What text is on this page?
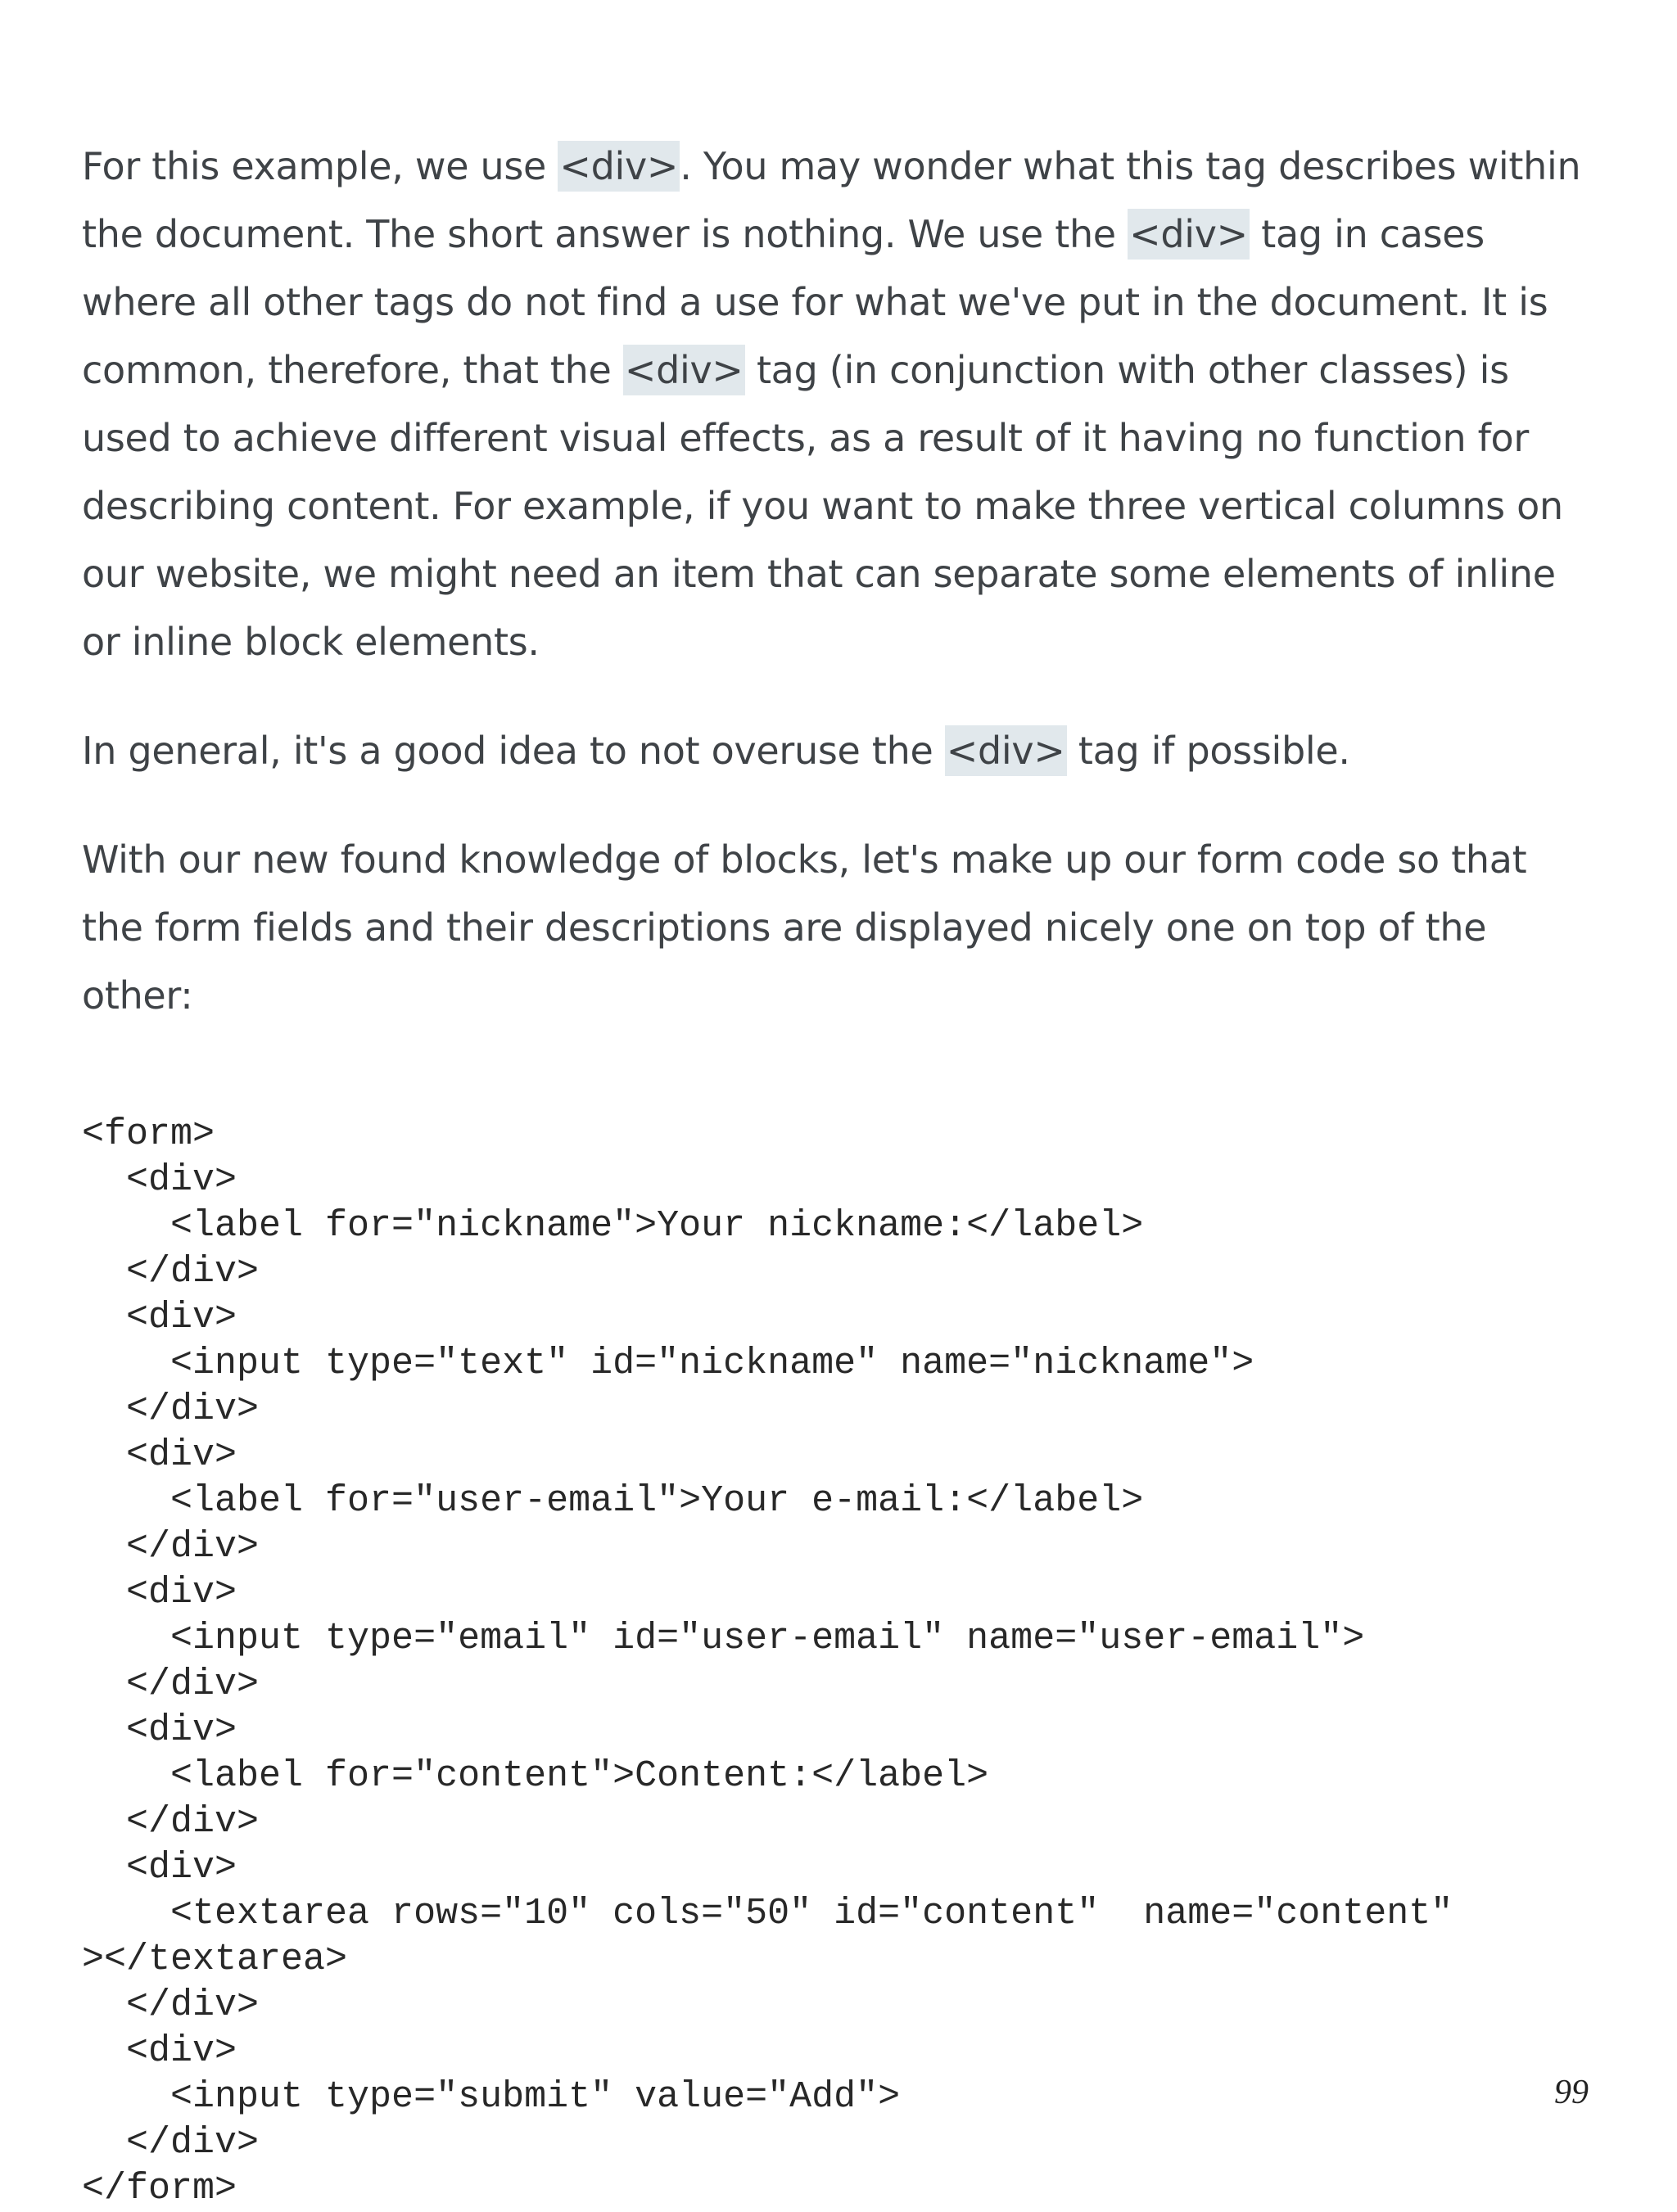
For this example, we use <div>. You may wonder what this tag describes within the document. The short answer is nothing. We use the <div> tag in cases where all other tags do not find a use for what we've put in the document. It is common, therefore, that the <div> tag (in conjunction with other classes) is used to achieve different visual effects, as a result of it having no function for describing content. For example, if you want to make three vertical columns on our website, we might need an item that can separate some elements of inline or inline block elements.

In general, it's a good idea to not overuse the <div> tag if possible.

With our new found knowledge of blocks, let's make up our form code so that the form fields and their descriptions are displayed nicely one on top of the other:

<form>
<div>
<label for="nickname">Your nickname:</label>
</div>
<div>
<input type="text" id="nickname" name="nickname">
</div>
<div>
<label for="user-email">Your e-mail:</label>
</div>
<div>
<input type="email" id="user-email" name="user-email">
</div>
<div>
<label for="content">Content:</label>
</div>
<div>
<textarea rows="10" cols="50" id="content"  name="content"
></textarea>
</div>
<div>
<input type="submit" value="Add">
</div>
</form>
99
